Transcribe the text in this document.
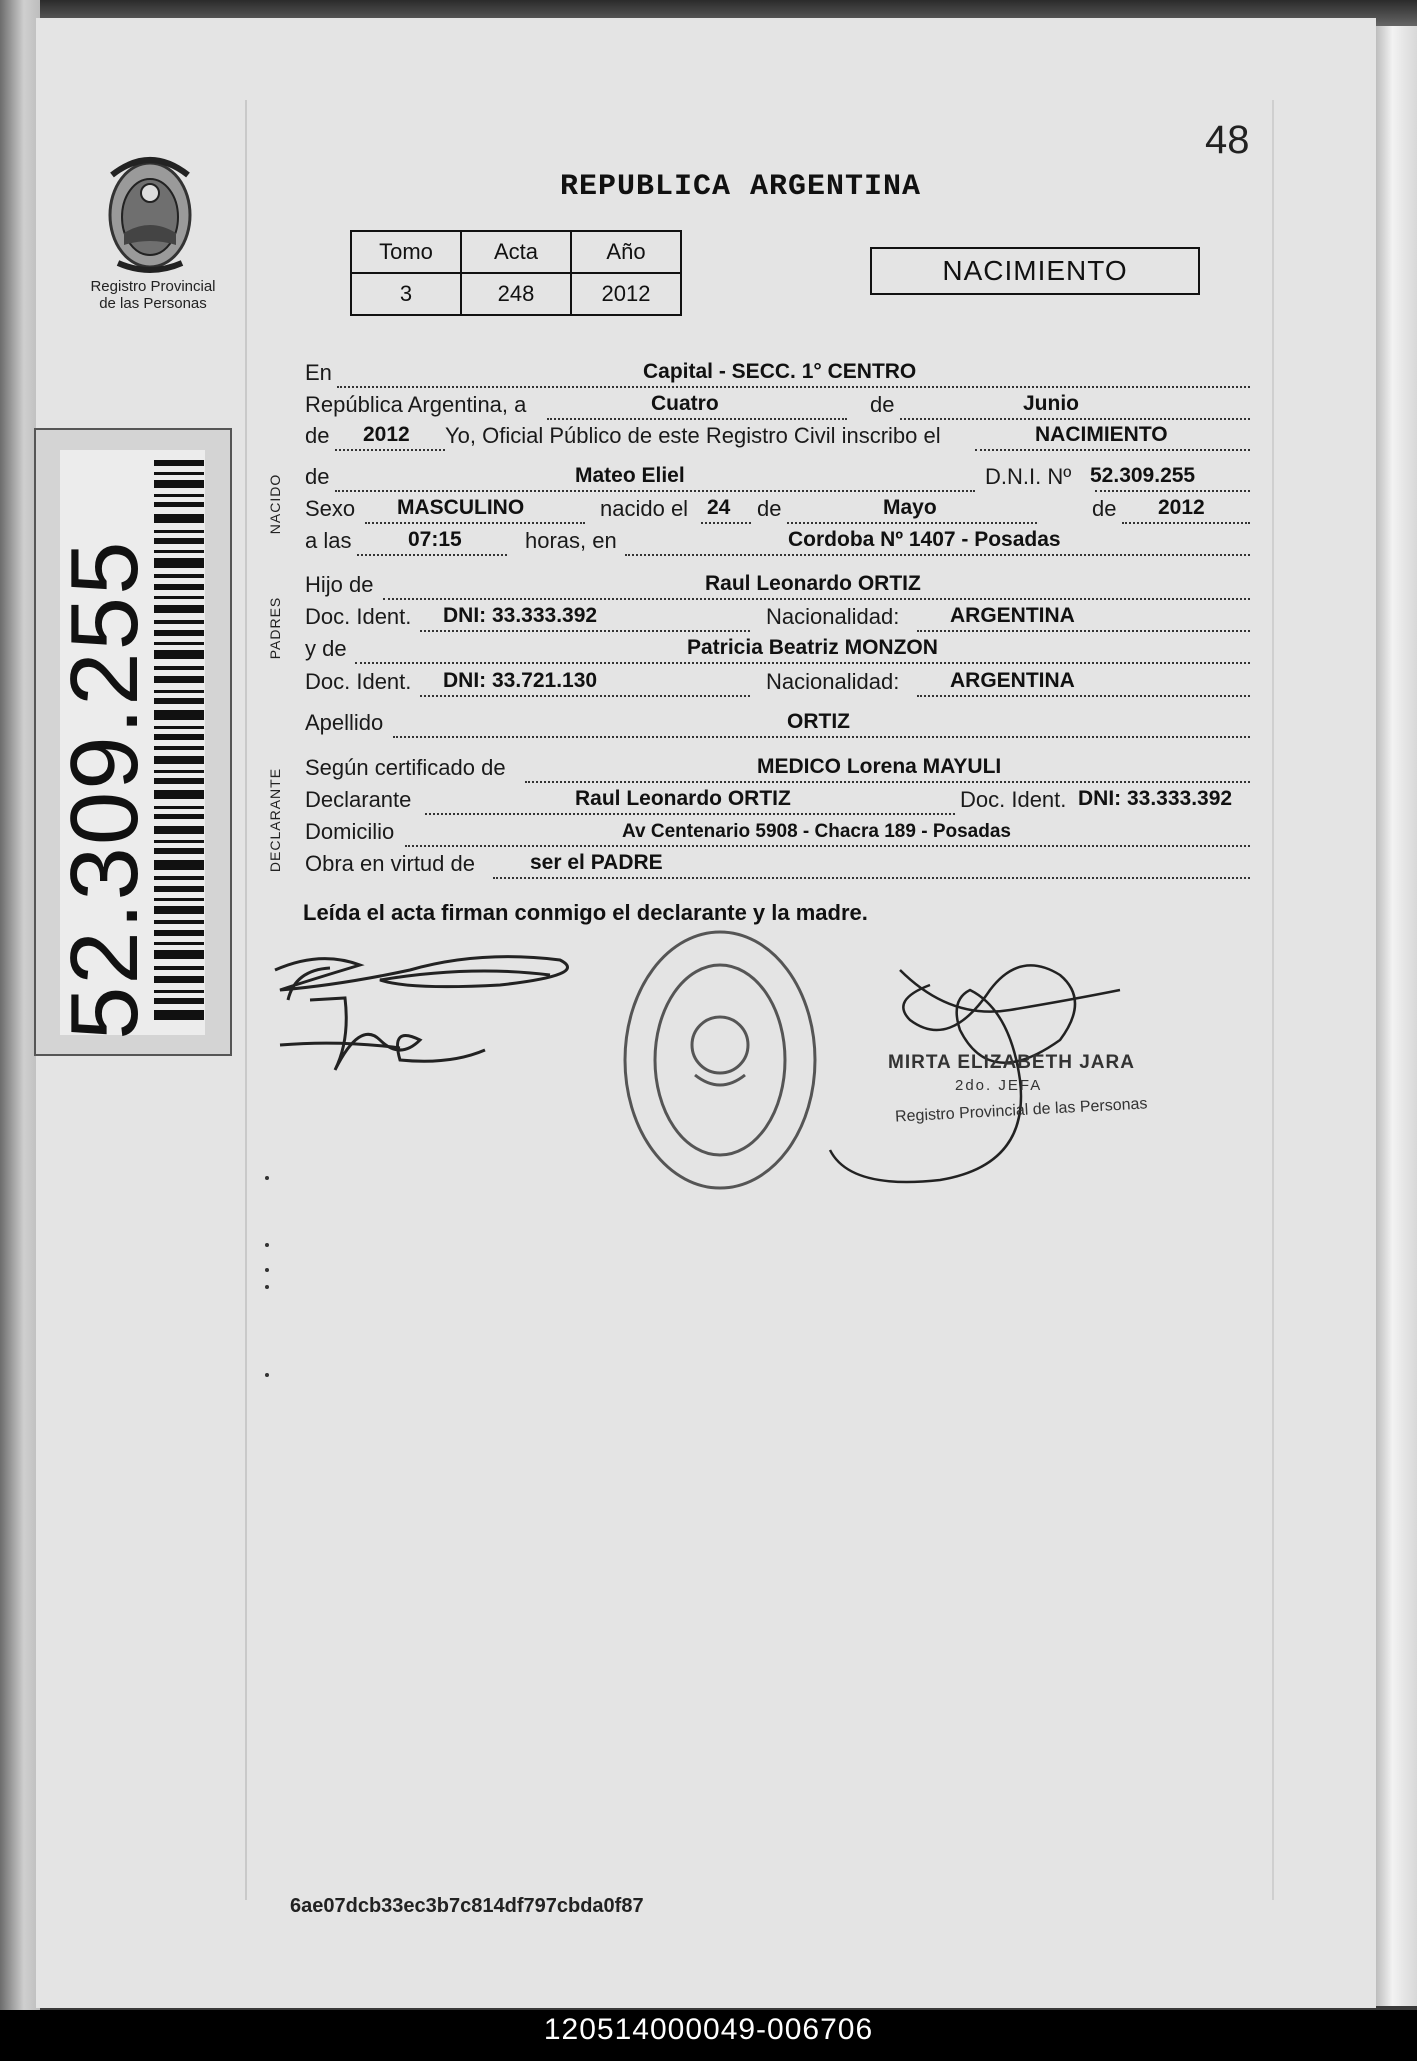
Registro Provincial
de las Personas
52.309.255
48
REPUBLICA ARGENTINA
Tomo	Acta	Año
3	248	2012
NACIMIENTO
NACIDO
PADRES
DECLARANTE
En	Capital - SECC. 1° CENTRO
República Argentina, a	Cuatro	de	Junio
de 2012 Yo, Oficial Público de este Registro Civil inscribo el	NACIMIENTO
de	Mateo Eliel	D.N.I. Nº 52.309.255
Sexo MASCULINO	nacido el 24 de	Mayo	de 2012
a las	07:15	horas, en	Cordoba Nº 1407 - Posadas
Hijo de	Raul Leonardo ORTIZ
Doc. Ident. DNI: 33.333.392	Nacionalidad: ARGENTINA
y de	Patricia Beatriz MONZON
Doc. Ident. DNI: 33.721.130	Nacionalidad: ARGENTINA
Apellido	ORTIZ
Según certificado de	MEDICO Lorena MAYULI
Declarante	Raul Leonardo ORTIZ	Doc. Ident. DNI: 33.333.392
Domicilio	Av Centenario 5908 - Chacra 189 - Posadas
Obra en virtud de	ser el PADRE
Leída el acta firman conmigo el declarante y la madre.
MIRTA ELIZABETH JARA
2do. JEFA
Registro Provincial de las Personas
6ae07dcb33ec3b7c814df797cbda0f87
120514000049-006706
